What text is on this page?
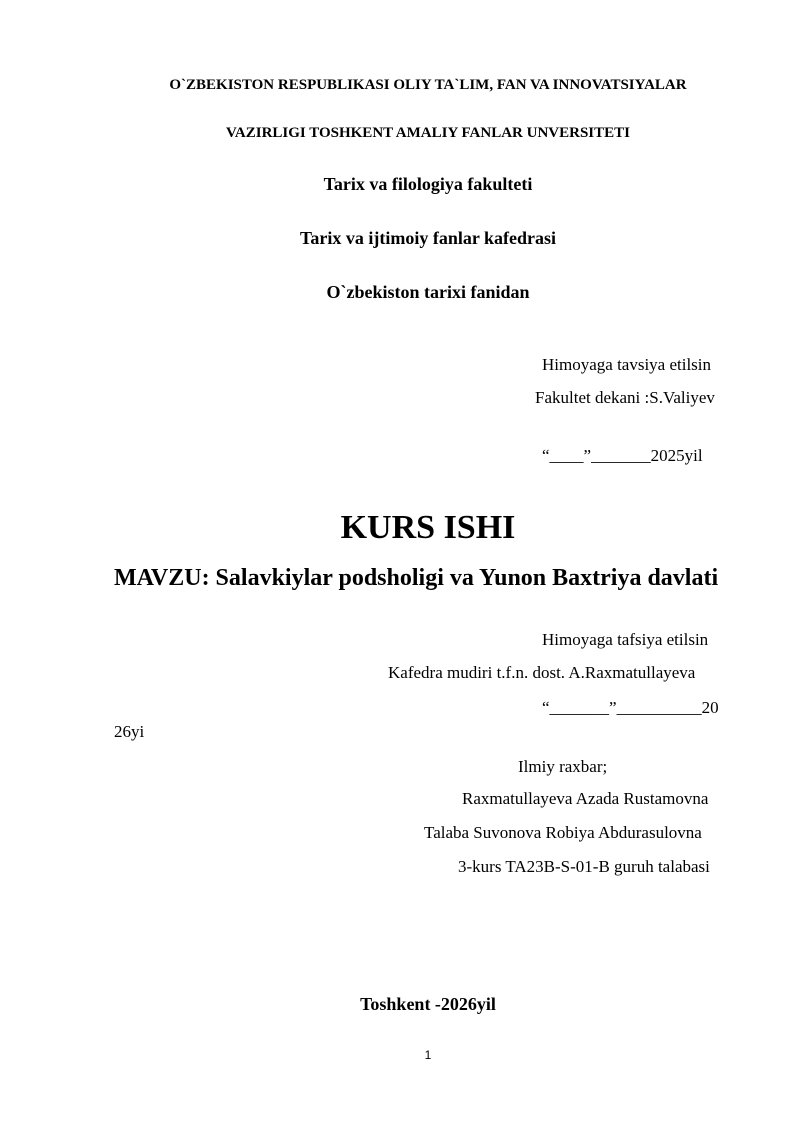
O`ZBEKISTON RESPUBLIKASI OLIY TA`LIM, FAN VA INNOVATSIYALAR
VAZIRLIGI TOSHKENT AMALIY FANLAR UNVERSITETI
Tarix va filologiya fakulteti
Tarix va ijtimoiy fanlar kafedrasi
O`zbekiston tarixi fanidan
Himoyaga tavsiya etilsin
Fakultet dekani :S.Valiyev
“____”_______2025yil
KURS ISHI
MAVZU: Salavkiylar podsholigi va Yunon Baxtriya davlati
Himoyaga tafsiya etilsin
Kafedra mudiri t.f.n. dost. A.Raxmatullayeva
“_______”__________20
26yi
Ilmiy raxbar;
Raxmatullayeva Azada Rustamovna
Talaba Suvonova Robiya Abdurasulovna
3-kurs TA23B-S-01-B guruh talabasi
Toshkent -2026yil
1
